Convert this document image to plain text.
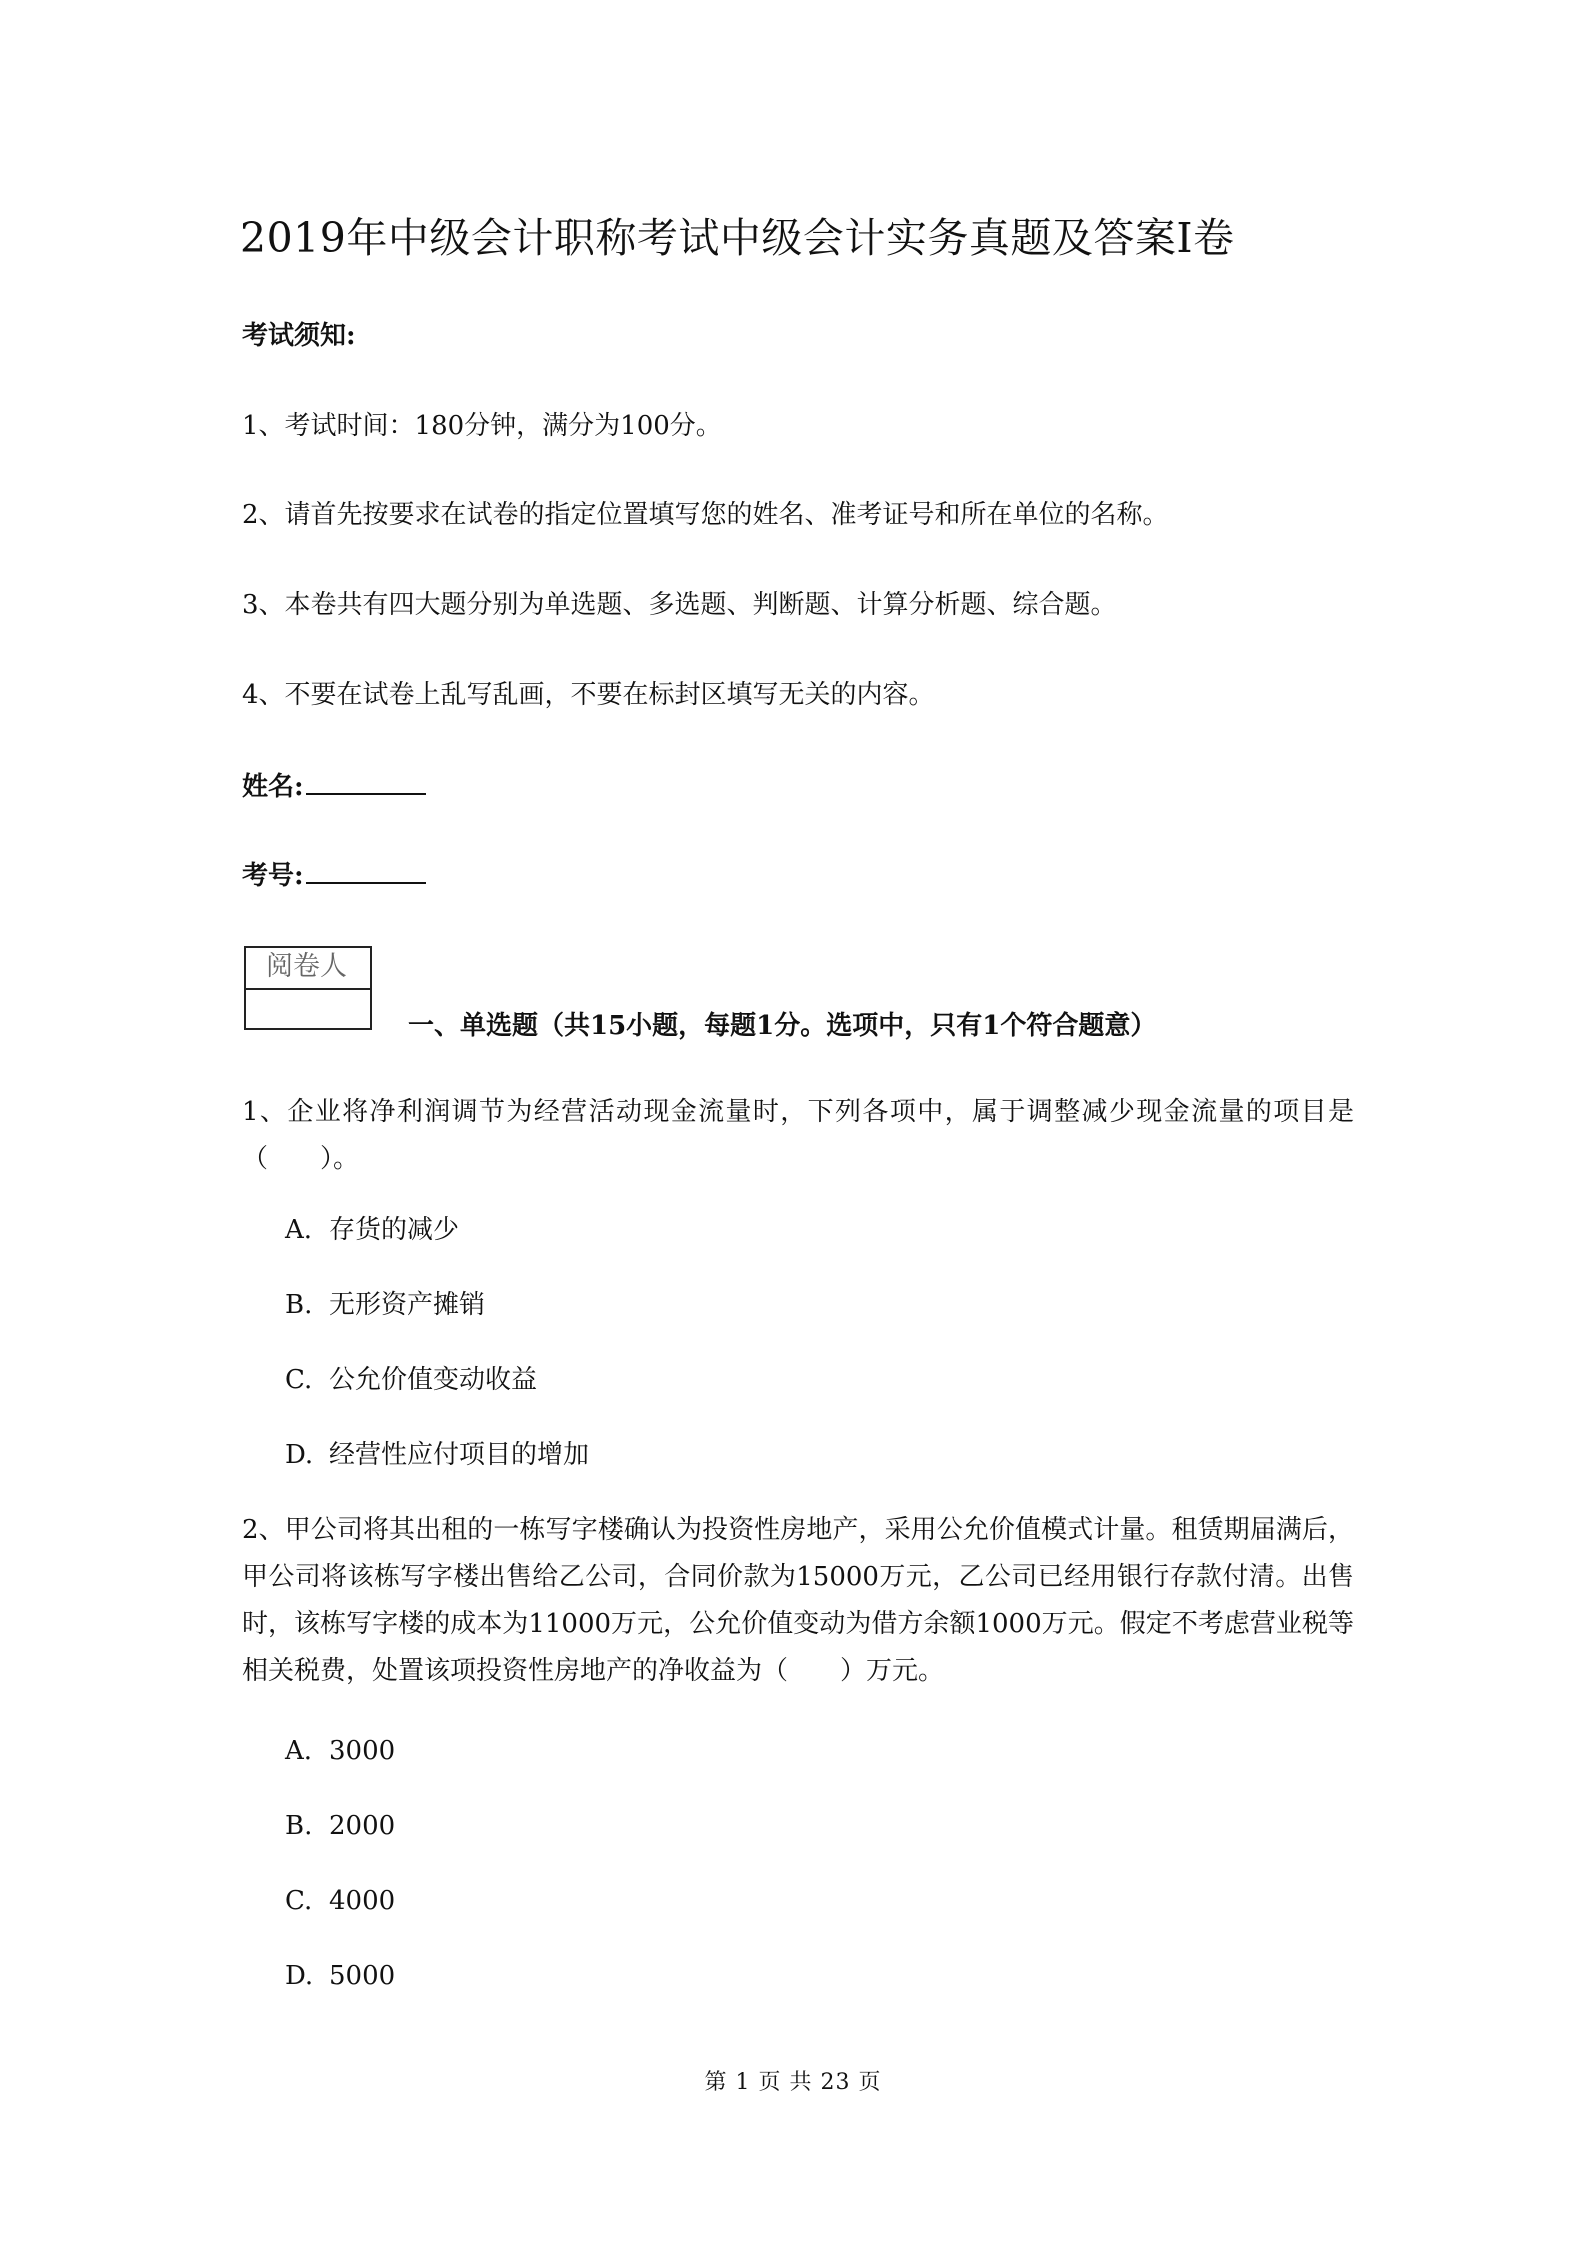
2019年中级会计职称考试中级会计实务真题及答案I卷
考试须知:
1、考试时间：180分钟，满分为100分。
2、请首先按要求在试卷的指定位置填写您的姓名、准考证号和所在单位的名称。
3、本卷共有四大题分别为单选题、多选题、判断题、计算分析题、综合题。
4、不要在试卷上乱写乱画，不要在标封区填写无关的内容。
姓名:
考号:
阅卷人
一、单选题（共15小题，每题1分。选项中，只有1个符合题意）
1、企业将净利润调节为经营活动现金流量时，下列各项中，属于调整减少现金流量的项目是（　　）。
A. 存货的减少
B. 无形资产摊销
C. 公允价值变动收益
D. 经营性应付项目的增加
2、甲公司将其出租的一栋写字楼确认为投资性房地产，采用公允价值模式计量。租赁期届满后，甲公司将该栋写字楼出售给乙公司，合同价款为15000万元，乙公司已经用银行存款付清。出售时，该栋写字楼的成本为11000万元，公允价值变动为借方余额1000万元。假定不考虑营业税等相关税费，处置该项投资性房地产的净收益为（　　）万元。
A. 3000
B. 2000
C. 4000
D. 5000
第 1 页 共 23 页
